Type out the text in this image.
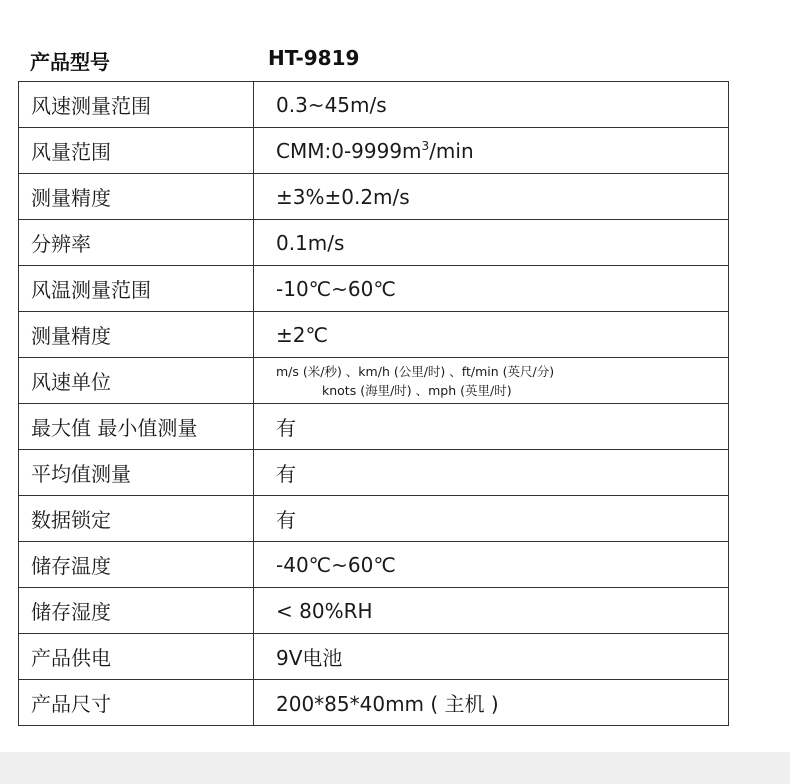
产品型号	HT-9819
风速测量范围	0.3~45m/s
风量范围	$CMM:0-9999m^3/\min$
测量精度	±3%±0.2m/s
分辨率	0.1m/s
风温测量范围	-10℃~60℃
测量精度	±2℃
风速单位	m/s (米/秒) 、km/h (公里/时) 、ft/min (英尺/分)
knots (海里/时) 、mph (英里/时)

最大值 最小值测量	有
平均值测量	有
数据锁定	有
储存温度	-40℃~60℃
储存湿度	< 80%RH
产品供电	9V电池
产品尺寸	200*85*40mm ( 主机 )
